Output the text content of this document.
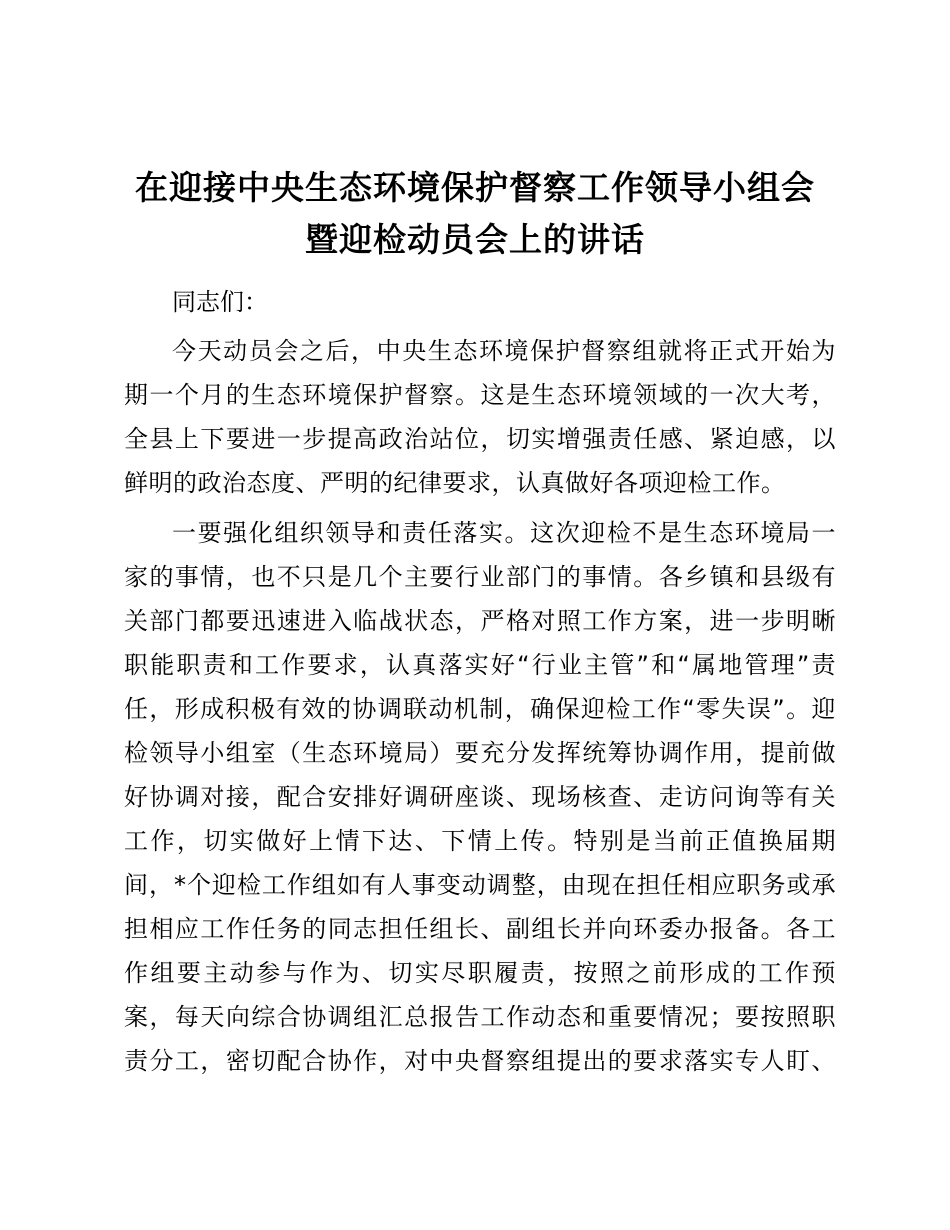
在迎接中央生态环境保护督察工作领导小组会
暨迎检动员会上的讲话
同志们：
今天动员会之后，中央生态环境保护督察组就将正式开始为
期一个月的生态环境保护督察。这是生态环境领域的一次大考，
全县上下要进一步提高政治站位，切实增强责任感、紧迫感，以
鲜明的政治态度、严明的纪律要求，认真做好各项迎检工作。
一要强化组织领导和责任落实。这次迎检不是生态环境局一
家的事情，也不只是几个主要行业部门的事情。各乡镇和县级有
关部门都要迅速进入临战状态，严格对照工作方案，进一步明晰
职能职责和工作要求，认真落实好“行业主管”和“属地管理”责
任，形成积极有效的协调联动机制，确保迎检工作“零失误”。迎
检领导小组室（生态环境局）要充分发挥统筹协调作用，提前做
好协调对接，配合安排好调研座谈、现场核查、走访问询等有关
工作，切实做好上情下达、下情上传。特别是当前正值换届期
间，*个迎检工作组如有人事变动调整，由现在担任相应职务或承
担相应工作任务的同志担任组长、副组长并向环委办报备。各工
作组要主动参与作为、切实尽职履责，按照之前形成的工作预
案，每天向综合协调组汇总报告工作动态和重要情况；要按照职
责分工，密切配合协作，对中央督察组提出的要求落实专人盯、
